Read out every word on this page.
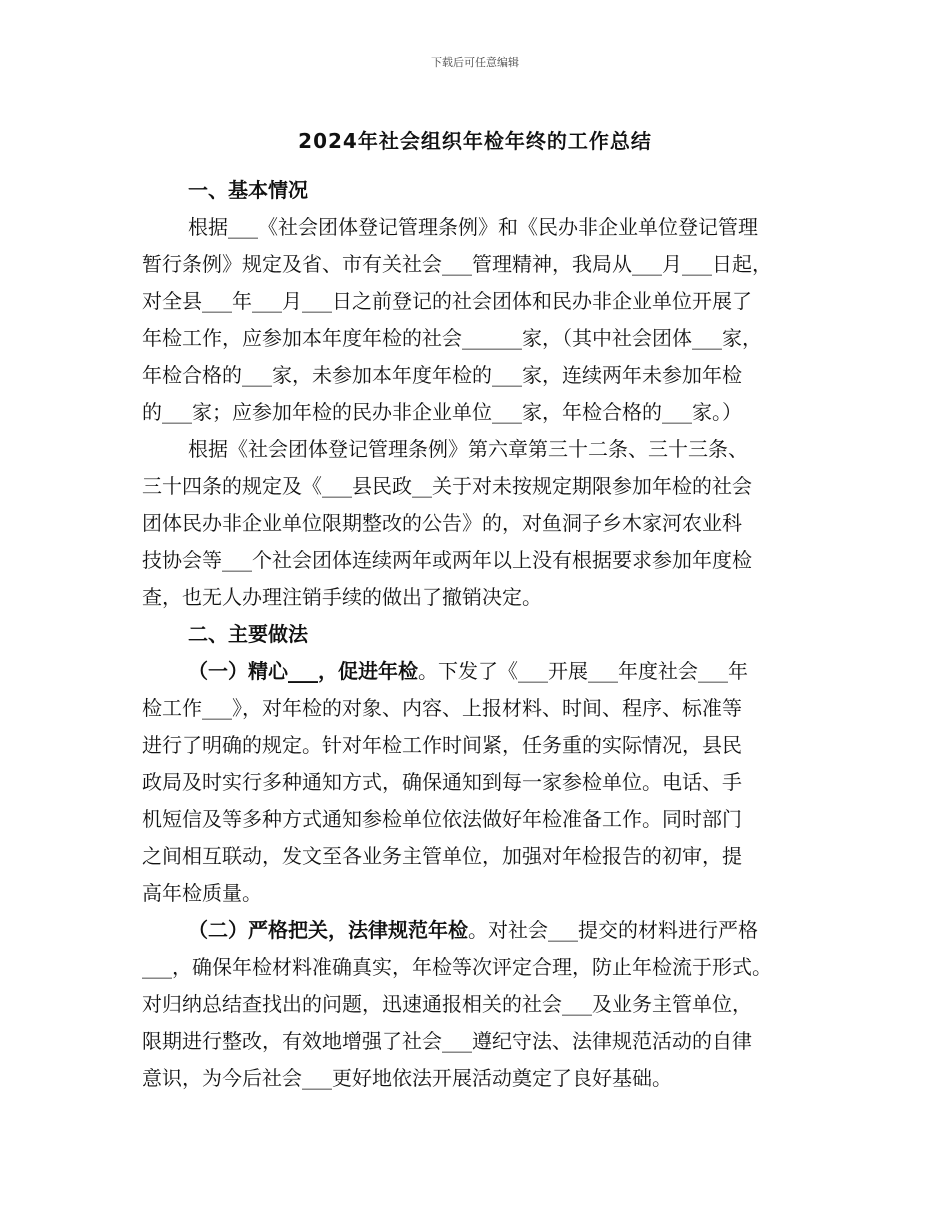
下载后可任意编辑
2024年社会组织年检年终的工作总结
一、基本情况

根据___《社会团体登记管理条例》和《民办非企业单位登记管理
暂行条例》规定及省、市有关社会___管理精神，我局从___月___日起，
对全县___年___月___日之前登记的社会团体和民办非企业单位开展了
年检工作，应参加本年度年检的社会______家，（其中社会团体___家，
年检合格的___家，未参加本年度年检的___家，连续两年未参加年检
的___家；应参加年检的民办非企业单位___家，年检合格的___家。）

根据《社会团体登记管理条例》第六章第三十二条、三十三条、
三十四条的规定及《___县民政__关于对未按规定期限参加年检的社会
团体民办非企业单位限期整改的公告》的，对鱼洞子乡木家河农业科
技协会等___个社会团体连续两年或两年以上没有根据要求参加年度检
查，也无人办理注销手续的做出了撤销决定。

二、主要做法

（一）精心___，促进年检。下发了《___开展___年度社会___年
检工作___》，对年检的对象、内容、上报材料、时间、程序、标准等
进行了明确的规定。针对年检工作时间紧，任务重的实际情况，县民
政局及时实行多种通知方式，确保通知到每一家参检单位。电话、手
机短信及等多种方式通知参检单位依法做好年检准备工作。同时部门
之间相互联动，发文至各业务主管单位，加强对年检报告的初审，提
高年检质量。

（二）严格把关，法律规范年检。对社会___提交的材料进行严格
___，确保年检材料准确真实，年检等次评定合理，防止年检流于形式。
对归纳总结查找出的问题，迅速通报相关的社会___及业务主管单位，
限期进行整改，有效地增强了社会___遵纪守法、法律规范活动的自律
意识，为今后社会___更好地依法开展活动奠定了良好基础。
